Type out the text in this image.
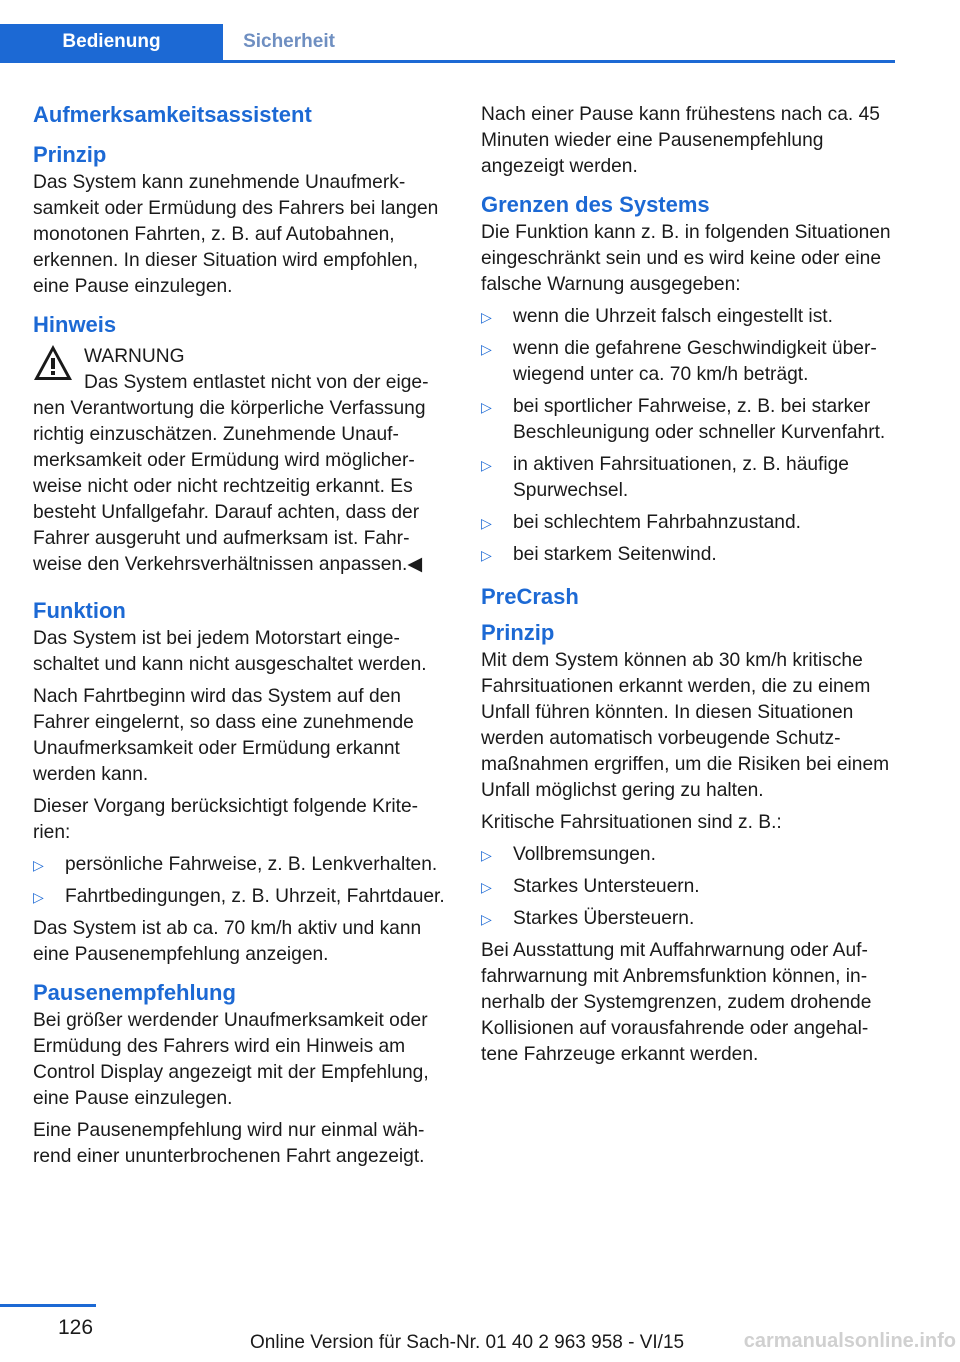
Bedienung	Sicherheit
Aufmerksamkeitsassistent
Prinzip

Das System kann zunehmende Unaufmerksamkeit oder Ermüdung des Fahrers bei langen monotonen Fahrten, z. B. auf Autobahnen, erkennen. In dieser Situation wird empfohlen, eine Pause einzulegen.

Hinweis
WARNUNG

Das System entlastet nicht von der eigenen Verantwortung die körperliche Verfassung richtig einzuschätzen. Zunehmende Unaufmerksamkeit oder Ermüdung wird möglicherweise nicht oder nicht rechtzeitig erkannt. Es besteht Unfallgefahr. Darauf achten, dass der Fahrer ausgeruht und aufmerksam ist. Fahrweise den Verkehrsverhältnissen anpassen.◀

Funktion

Das System ist bei jedem Motorstart eingeschaltet und kann nicht ausgeschaltet werden.

Nach Fahrtbeginn wird das System auf den Fahrer eingelernt, so dass eine zunehmende Unaufmerksamkeit oder Ermüdung erkannt werden kann.

Dieser Vorgang berücksichtigt folgende Kriterien:

▷ persönliche Fahrweise, z. B. Lenkverhalten.
▷ Fahrtbedingungen, z. B. Uhrzeit, Fahrtdauer.

Das System ist ab ca. 70 km/h aktiv und kann eine Pausenempfehlung anzeigen.

Pausenempfehlung

Bei größer werdender Unaufmerksamkeit oder Ermüdung des Fahrers wird ein Hinweis am Control Display angezeigt mit der Empfehlung, eine Pause einzulegen.

Eine Pausenempfehlung wird nur einmal während einer ununterbrochenen Fahrt angezeigt.

Nach einer Pause kann frühestens nach ca. 45 Minuten wieder eine Pausenempfehlung angezeigt werden.

Grenzen des Systems

Die Funktion kann z. B. in folgenden Situationen eingeschränkt sein und es wird keine oder eine falsche Warnung ausgegeben:

▷ wenn die Uhrzeit falsch eingestellt ist.
▷ wenn die gefahrene Geschwindigkeit überwiegend unter ca. 70 km/h beträgt.
▷ bei sportlicher Fahrweise, z. B. bei starker Beschleunigung oder schneller Kurvenfahrt.
▷ in aktiven Fahrsituationen, z. B. häufige Spurwechsel.
▷ bei schlechtem Fahrbahnzustand.
▷ bei starkem Seitenwind.
PreCrash
Prinzip

Mit dem System können ab 30 km/h kritische Fahrsituationen erkannt werden, die zu einem Unfall führen könnten. In diesen Situationen werden automatisch vorbeugende Schutzmaßnahmen ergriffen, um die Risiken bei einem Unfall möglichst gering zu halten.

Kritische Fahrsituationen sind z. B.:

▷ Vollbremsungen.
▷ Starkes Untersteuern.
▷ Starkes Übersteuern.

Bei Ausstattung mit Auffahrwarnung oder Auffahrwarnung mit Anbremsfunktion können, innerhalb der Systemgrenzen, zudem drohende Kollisionen auf vorausfahrende oder angehaltene Fahrzeuge erkannt werden.

126
Online Version für Sach-Nr. 01 40 2 963 958 - VI/15	carmanualsonline.info
